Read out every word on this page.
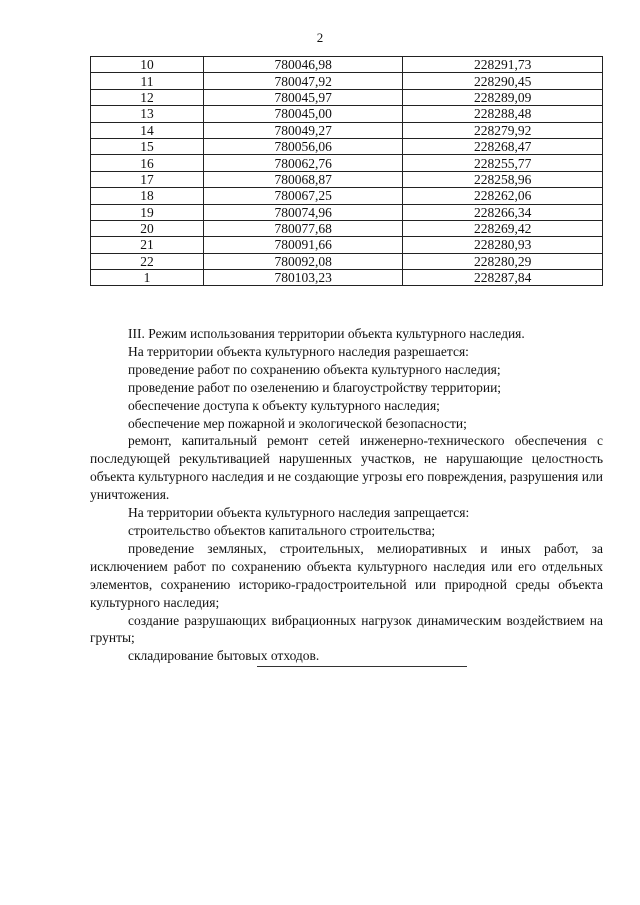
2
10	780046,98	228291,73
11	780047,92	228290,45
12	780045,97	228289,09
13	780045,00	228288,48
14	780049,27	228279,92
15	780056,06	228268,47
16	780062,76	228255,77
17	780068,87	228258,96
18	780067,25	228262,06
19	780074,96	228266,34
20	780077,68	228269,42
21	780091,66	228280,93
22	780092,08	228280,29
1	780103,23	228287,84

III. Режим использования территории объекта культурного наследия.

На территории объекта культурного наследия разрешается:

проведение работ по сохранению объекта культурного наследия;

проведение работ по озеленению и благоустройству территории;

обеспечение доступа к объекту культурного наследия;

обеспечение мер пожарной и экологической безопасности;

ремонт, капитальный ремонт сетей инженерно-технического обеспечения с последующей рекультивацией нарушенных участков, не нарушающие целостность объекта культурного наследия и не создающие угрозы его повреждения, разрушения или уничтожения.

На территории объекта культурного наследия запрещается:

строительство объектов капитального строительства;

проведение земляных, строительных, мелиоративных и иных работ, за исключением работ по сохранению объекта культурного наследия или его отдельных элементов, сохранению историко-градостроительной или природной среды объекта культурного наследия;

создание разрушающих вибрационных нагрузок динамическим воздействием на грунты;

складирование бытовых отходов.
